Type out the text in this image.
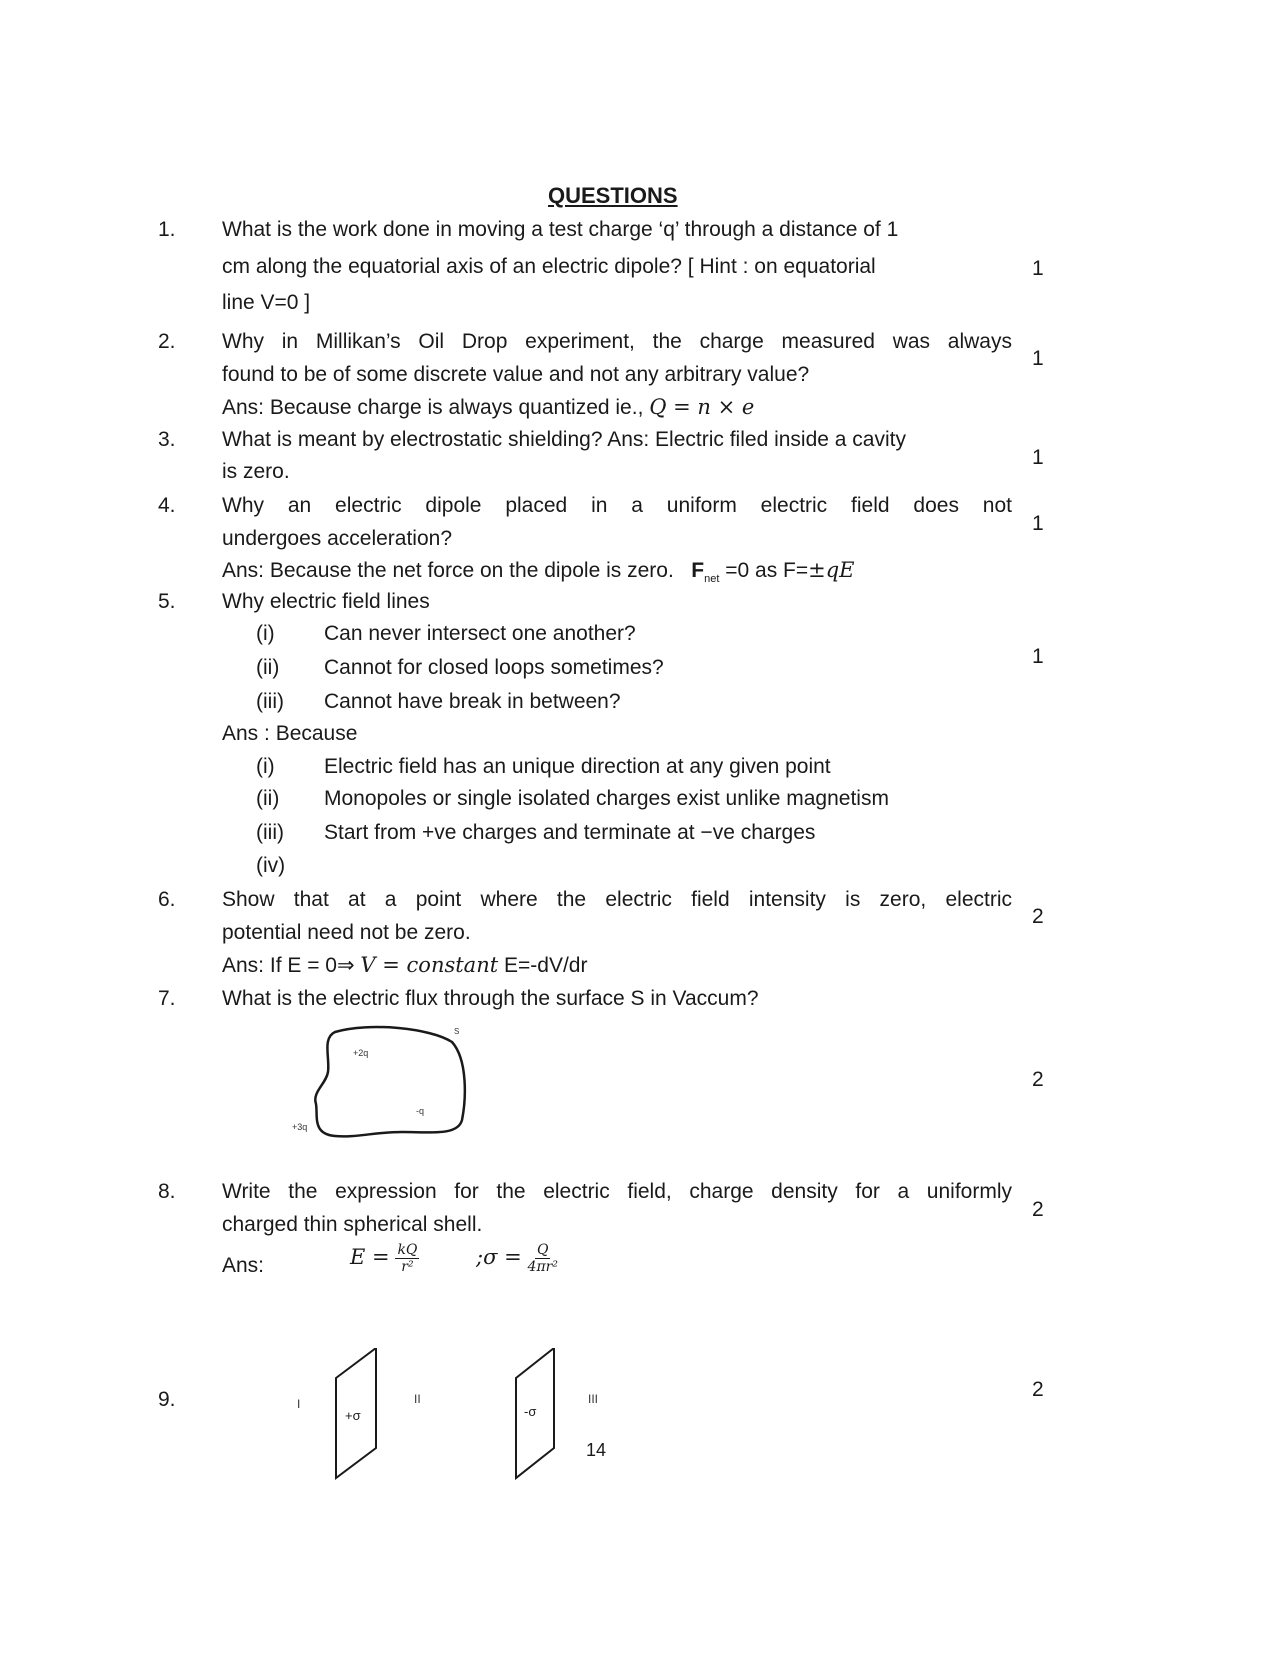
QUESTIONS
1. What is the work done in moving a test charge ‘q’ through a distance of 1
cm along the equatorial axis of an electric dipole? [ Hint : on equatorial
line V=0 ]
1
2. Why in Millikan’s Oil Drop experiment, the charge measured was always
found to be of some discrete value and not any arbitrary value?
Ans: Because charge is always quantized ie., Q = n × e
1
3. What is meant by electrostatic shielding? Ans: Electric filed inside a cavity
is zero.
1
4. Why an electric dipole placed in a uniform electric field does not
undergoes acceleration?
Ans: Because the net force on the dipole is zero. $F_{net} =0$ as F=±qE
1
5. Why electric field lines
(i) Can never intersect one another?
(ii) Cannot for closed loops sometimes?
(iii) Cannot have break in between?
Ans : Because
(i) Electric field has an unique direction at any given point
(ii) Monopoles or single isolated charges exist unlike magnetism
(iii) Start from +ve charges and terminate at −ve charges
(iv)
1
6. Show that at a point where the electric field intensity is zero, electric
potential need not be zero.
Ans: If E = 0⇒ V = constant E=-dV/dr
2
7. What is the electric flux through the surface S in Vaccum?
2
S
+2q
-q
+3q
8. Write the expression for the electric field, charge density for a uniformly
charged thin spherical shell.
Ans:	$E = \frac{kQ}{\text{r²}}$	;σ = $\frac{Q}{\text{4πr²}}$
2
9.	2
I
+σ
II
-σ
III
14
